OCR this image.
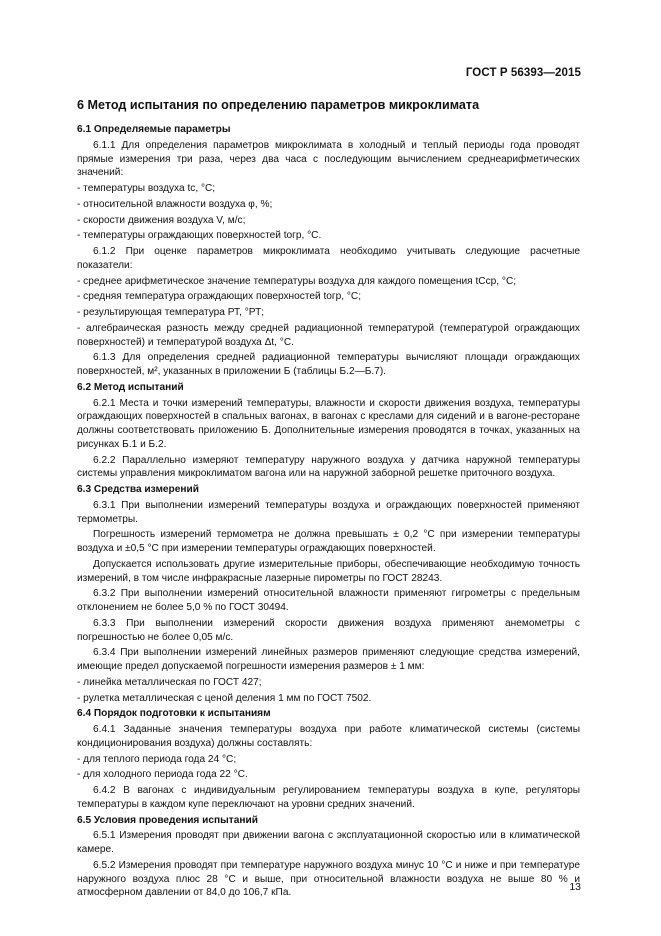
ГОСТ Р 56393—2015
6 Метод испытания по определению параметров микроклимата
6.1 Определяемые параметры

6.1.1 Для определения параметров микроклимата в холодный и теплый периоды года проводят прямые измерения три раза, через два часа с последующим вычислением среднеарифметических значений:

- температуры воздуха tс, °С;

- относительной влажности воздуха φ, %;

- скорости движения воздуха V, м/с;

- температуры ограждающих поверхностей tогр, °С.

6.1.2 При оценке параметров микроклимата необходимо учитывать следующие расчетные показатели:

- среднее арифметическое значение температуры воздуха для каждого помещения tСср, °С;

- средняя температура ограждающих поверхностей tогр, °С;

- результирующая температура РТ, °РТ;

- алгебраическая разность между средней радиационной температурой (температурой ограждающих поверхностей) и температурой воздуха Δt, °С.

6.1.3 Для определения средней радиационной температуры вычисляют площади ограждающих поверхностей, м², указанных в приложении Б (таблицы Б.2—Б.7).

6.2 Метод испытаний

6.2.1 Места и точки измерений температуры, влажности и скорости движения воздуха, температуры ограждающих поверхностей в спальных вагонах, в вагонах с креслами для сидений и в вагоне-ресторане должны соответствовать приложению Б. Дополнительные измерения проводятся в точках, указанных на рисунках Б.1 и Б.2.

6.2.2 Параллельно измеряют температуру наружного воздуха у датчика наружной температуры системы управления микроклиматом вагона или на наружной заборной решетке приточного воздуха.

6.3 Средства измерений

6.3.1 При выполнении измерений температуры воздуха и ограждающих поверхностей применяют термометры.

Погрешность измерений термометра не должна превышать ± 0,2 °С при измерении температуры воздуха и ±0,5 °С при измерении температуры ограждающих поверхностей.

Допускается использовать другие измерительные приборы, обеспечивающие необходимую точность измерений, в том числе инфракрасные лазерные пирометры по ГОСТ 28243.

6.3.2 При выполнении измерений относительной влажности применяют гигрометры с предельным отклонением не более 5,0 % по ГОСТ 30494.

6.3.3 При выполнении измерений скорости движения воздуха применяют анемометры с погрешностью не более 0,05 м/с.

6.3.4 При выполнении измерений линейных размеров применяют следующие средства измерений, имеющие предел допускаемой погрешности измерения размеров ± 1 мм:

- линейка металлическая по ГОСТ 427;

- рулетка металлическая с ценой деления 1 мм по ГОСТ 7502.

6.4 Порядок подготовки к испытаниям

6.4.1 Заданные значения температуры воздуха при работе климатической системы (системы кондиционирования воздуха) должны составлять:

- для теплого периода года 24 °С;

- для холодного периода года 22 °С.

6.4.2 В вагонах с индивидуальным регулированием температуры воздуха в купе, регуляторы температуры в каждом купе переключают на уровни средних значений.

6.5 Условия проведения испытаний

6.5.1 Измерения проводят при движении вагона с эксплуатационной скоростью или в климатической камере.

6.5.2 Измерения проводят при температуре наружного воздуха минус 10 °С и ниже и при температуре наружного воздуха плюс 28 °С и выше, при относительной влажности воздуха не выше 80 % и атмосферном давлении от 84,0 до 106,7 кПа.	13
